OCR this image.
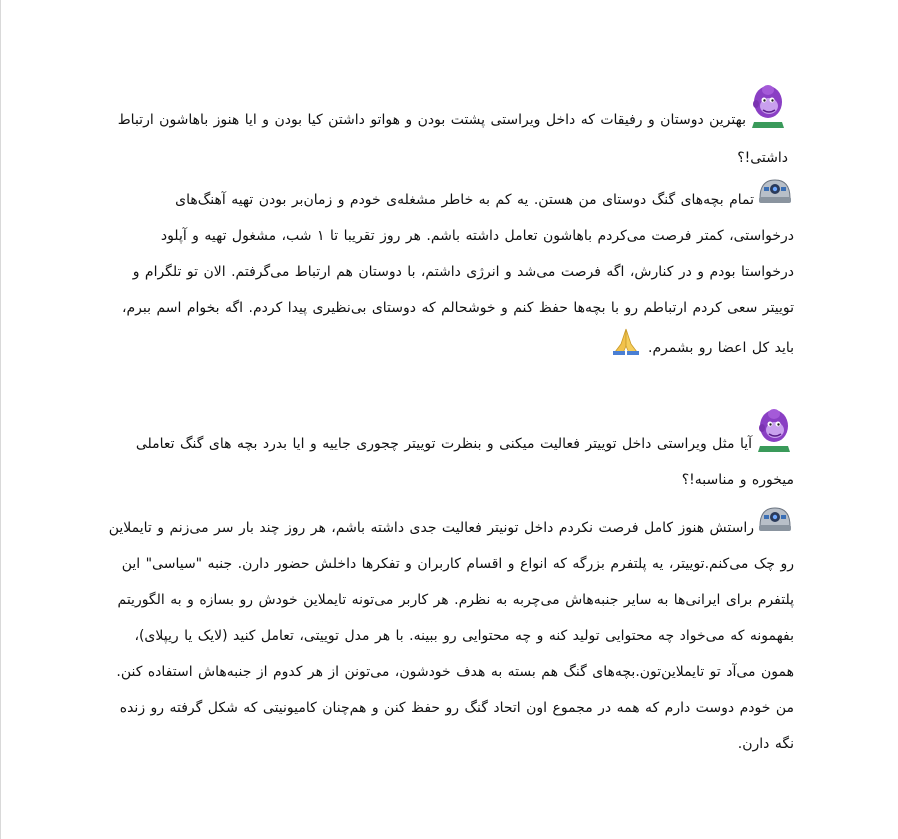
بهترین دوستان و رفیقات که داخل ویراستی پشتت بودن و هواتو داشتن کیا بودن و ایا هنوز باهاشون ارتباط داشتی!؟
تمام بچه‌های گنگ دوستای من هستن. یه کم به خاطر مشغله‌ی خودم و زمان‌بر بودن تهیه آهنگ‌های درخواستی، کمتر فرصت می‌کردم باهاشون تعامل داشته باشم. هر روز تقریبا تا ۱ شب، مشغول تهیه و آپلود درخواستا بودم و در کنارش، اگه فرصت می‌شد و انرژی داشتم، با دوستان هم ارتباط می‌گرفتم. الان تو تلگرام و توییتر سعی کردم ارتباطم رو با بچه‌ها حفظ کنم و خوشحالم که دوستای بی‌نظیری پیدا کردم. اگه بخوام اسم ببرم، باید کل اعضا رو بشمرم.
آیا مثل ویراستی داخل توییتر فعالیت میکنی و بنظرت توییتر چجوری جاییه و ایا بدرد بچه های گنگ تعاملی میخوره و مناسبه!؟
راستش هنوز کامل فرصت نکردم داخل تونیتر فعالیت جدی داشته باشم، هر روز چند بار سر می‌زنم و تایملاین رو چک می‌کنم.توییتر، یه پلتفرم بزرگه که انواع و اقسام کاربران و تفکرها داخلش حضور دارن. جنبه "سیاسی" این پلتفرم برای ایرانی‌ها به سایر جنبه‌هاش می‌چربه به نظرم. هر کاربر می‌تونه تایملاین خودش رو بسازه و به الگوریتم بفهمونه که می‌خواد چه محتوایی تولید کنه و چه محتوایی رو ببینه. با هر مدل توییتی، تعامل کنید (لایک یا ریپلای)، همون می‌آد تو تایملاین‌تون.بچه‌های گنگ هم بسته به هدف خودشون، می‌تونن از هر کدوم از جنبه‌هاش استفاده کنن. من خودم دوست دارم که همه در مجموع اون اتحاد گنگ رو حفظ کنن و هم‌چنان کامیونیتی که شکل گرفته رو زنده نگه دارن.
